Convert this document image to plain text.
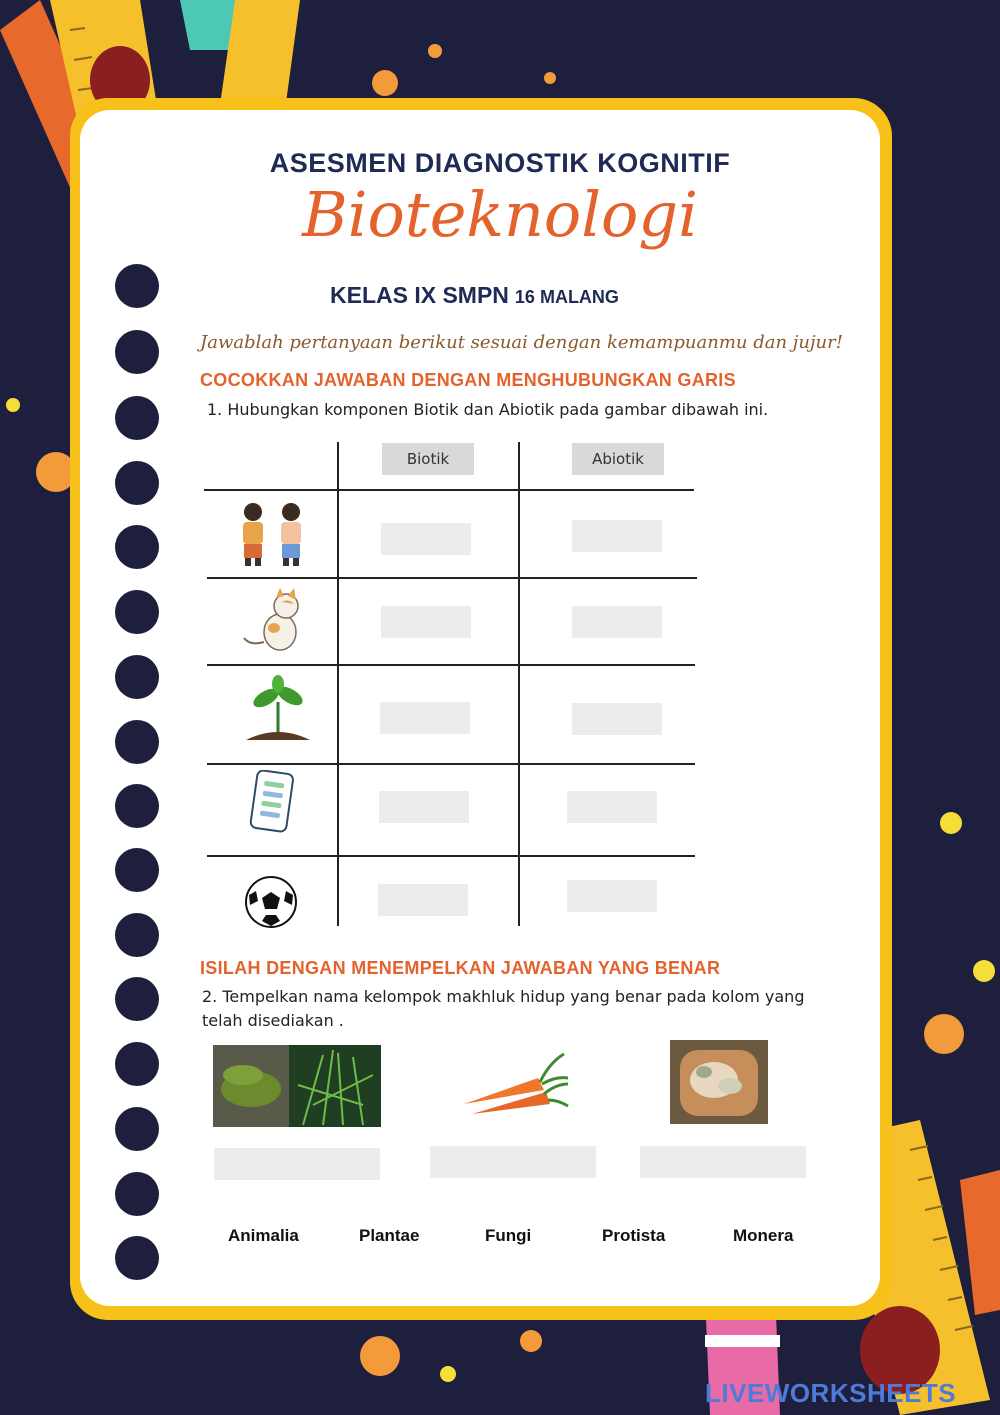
ASESMEN DIAGNOSTIK KOGNITIF
Bioteknologi
KELAS IX SMPN 16 MALANG
Jawablah pertanyaan berikut sesuai dengan kemampuanmu dan jujur!
COCOKKAN JAWABAN DENGAN MENGHUBUNGKAN GARIS
1. Hubungkan komponen Biotik dan Abiotik pada gambar dibawah ini.
Biotik	Abiotik
ISILAH DENGAN MENEMPELKAN JAWABAN YANG BENAR
2. Tempelkan nama kelompok makhluk hidup yang benar pada kolom yang
telah disediakan .
Animalia	Plantae	Fungi	Protista	Monera
LIVEWORKSHEETS
